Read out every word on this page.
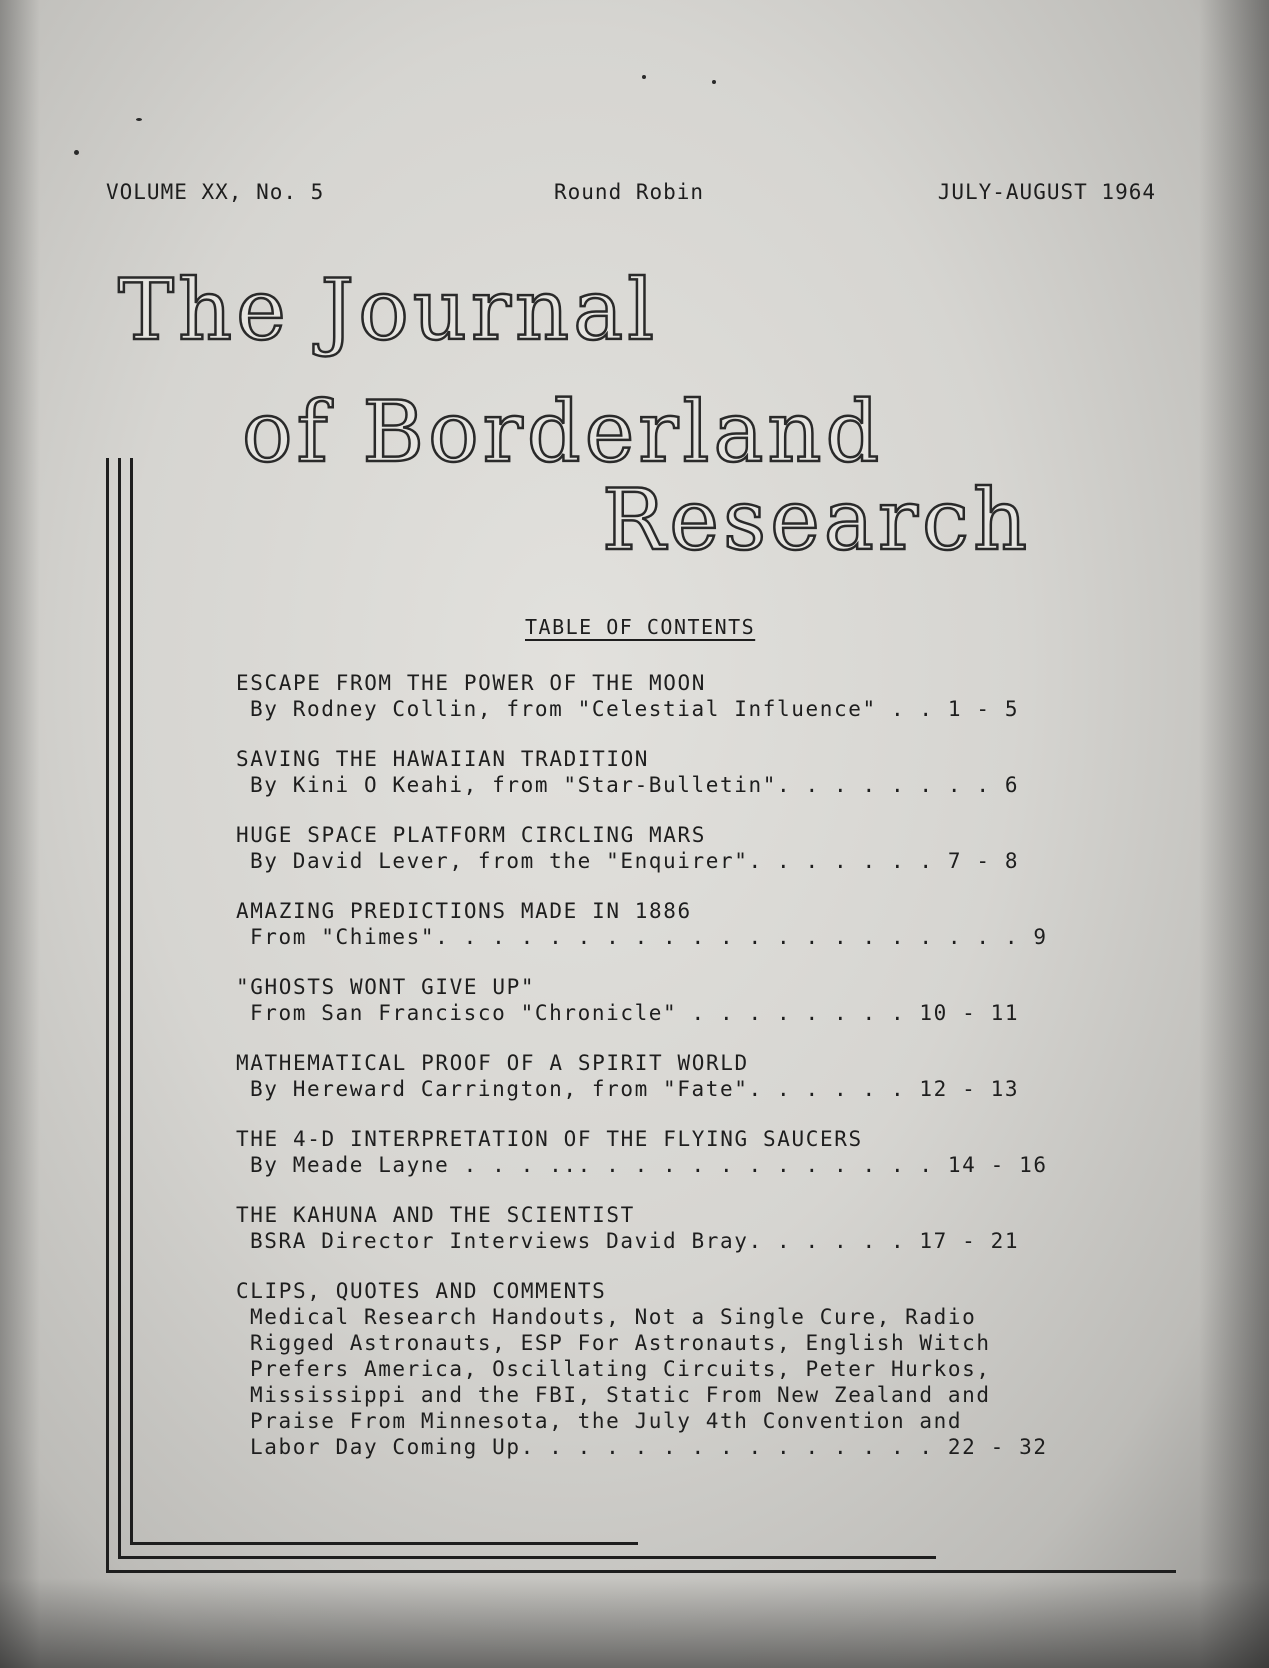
VOLUME XX, No. 5	Round Robin	JULY-AUGUST 1964
The Journal
of Borderland
Research
TABLE OF CONTENTS
ESCAPE FROM THE POWER OF THE MOON
By Rodney Collin, from "Celestial Influence" . . 1 - 5
SAVING THE HAWAIIAN TRADITION
By Kini O Keahi, from "Star-Bulletin". . . . . . . . 6
HUGE SPACE PLATFORM CIRCLING MARS
By David Lever, from the "Enquirer". . . . . . . 7 - 8
AMAZING PREDICTIONS MADE IN 1886
From "Chimes". . . . . . . . . . . . . . . . . . . . . 9
"GHOSTS WONT GIVE UP"
From San Francisco "Chronicle" . . . . . . . . 10 - 11
MATHEMATICAL PROOF OF A SPIRIT WORLD
By Hereward Carrington, from "Fate". . . . . . 12 - 13
THE 4-D INTERPRETATION OF THE FLYING SAUCERS
By Meade Layne . . . ... . . . . . . . . . . . . 14 - 16
THE KAHUNA AND THE SCIENTIST
BSRA Director Interviews David Bray. . . . . . 17 - 21
CLIPS, QUOTES AND COMMENTS
Medical Research Handouts, Not a Single Cure, Radio
Rigged Astronauts, ESP For Astronauts, English Witch
Prefers America, Oscillating Circuits, Peter Hurkos,
Mississippi and the FBI, Static From New Zealand and
Praise From Minnesota, the July 4th Convention and
Labor Day Coming Up. . . . . . . . . . . . . . . 22 - 32
